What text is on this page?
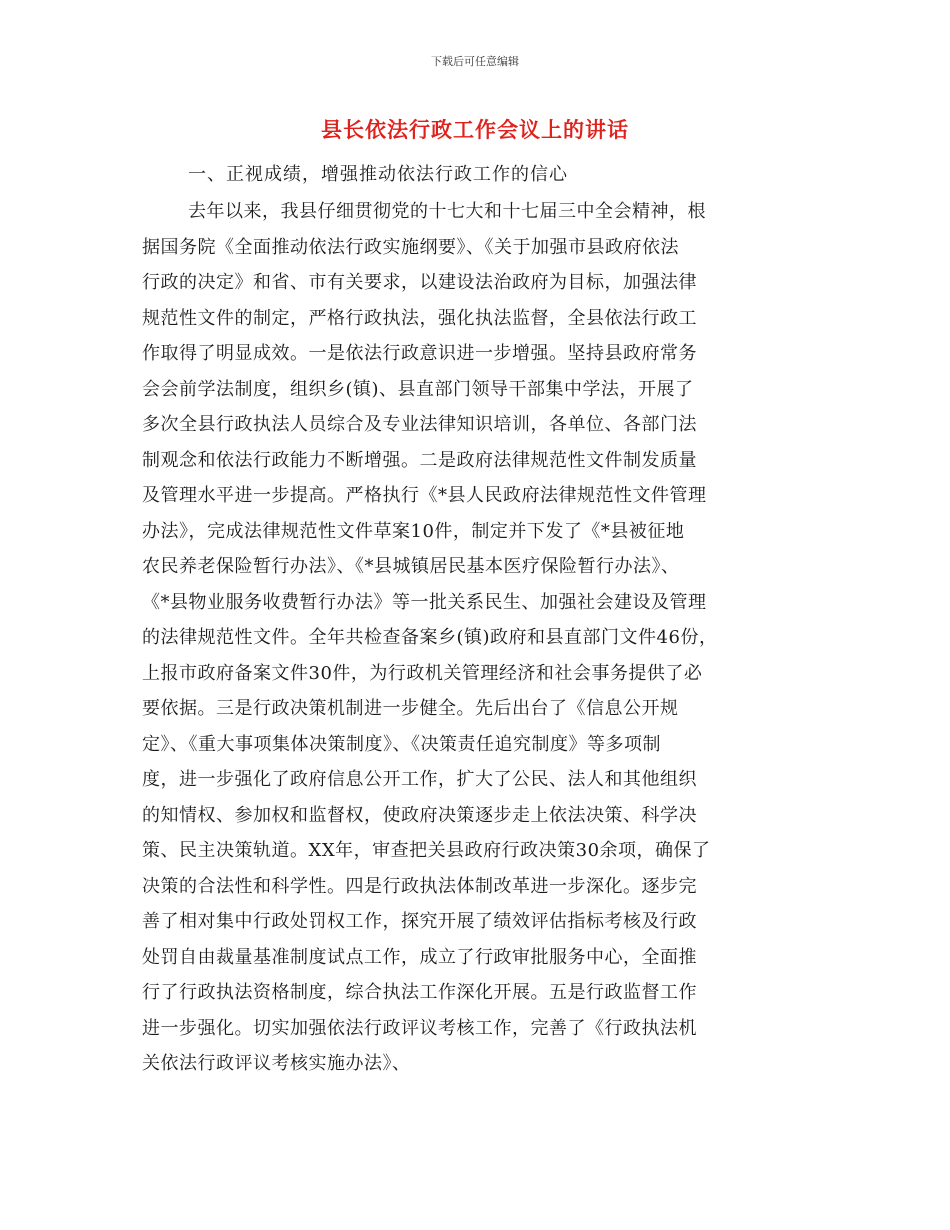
下载后可任意编辑
县长依法行政工作会议上的讲话
一、正视成绩，增强推动依法行政工作的信心
去年以来，我县仔细贯彻党的十七大和十七届三中全会精神，根
据国务院《全面推动依法行政实施纲要》、《关于加强市县政府依法
行政的决定》和省、市有关要求，以建设法治政府为目标，加强法律
规范性文件的制定，严格行政执法，强化执法监督，全县依法行政工
作取得了明显成效。一是依法行政意识进一步增强。坚持县政府常务
会会前学法制度，组织乡(镇)、县直部门领导干部集中学法，开展了
多次全县行政执法人员综合及专业法律知识培训，各单位、各部门法
制观念和依法行政能力不断增强。二是政府法律规范性文件制发质量
及管理水平进一步提高。严格执行《*县人民政府法律规范性文件管理
办法》，完成法律规范性文件草案10件，制定并下发了《*县被征地
农民养老保险暂行办法》、《*县城镇居民基本医疗保险暂行办法》、
《*县物业服务收费暂行办法》等一批关系民生、加强社会建设及管理
的法律规范性文件。全年共检查备案乡(镇)政府和县直部门文件46份，
上报市政府备案文件30件，为行政机关管理经济和社会事务提供了必
要依据。三是行政决策机制进一步健全。先后出台了《信息公开规
定》、《重大事项集体决策制度》、《决策责任追究制度》等多项制
度，进一步强化了政府信息公开工作，扩大了公民、法人和其他组织
的知情权、参加权和监督权，使政府决策逐步走上依法决策、科学决
策、民主决策轨道。XX年，审查把关县政府行政决策30余项，确保了
决策的合法性和科学性。四是行政执法体制改革进一步深化。逐步完
善了相对集中行政处罚权工作，探究开展了绩效评估指标考核及行政
处罚自由裁量基准制度试点工作，成立了行政审批服务中心，全面推
行了行政执法资格制度，综合执法工作深化开展。五是行政监督工作
进一步强化。切实加强依法行政评议考核工作，完善了《行政执法机
关依法行政评议考核实施办法》、
